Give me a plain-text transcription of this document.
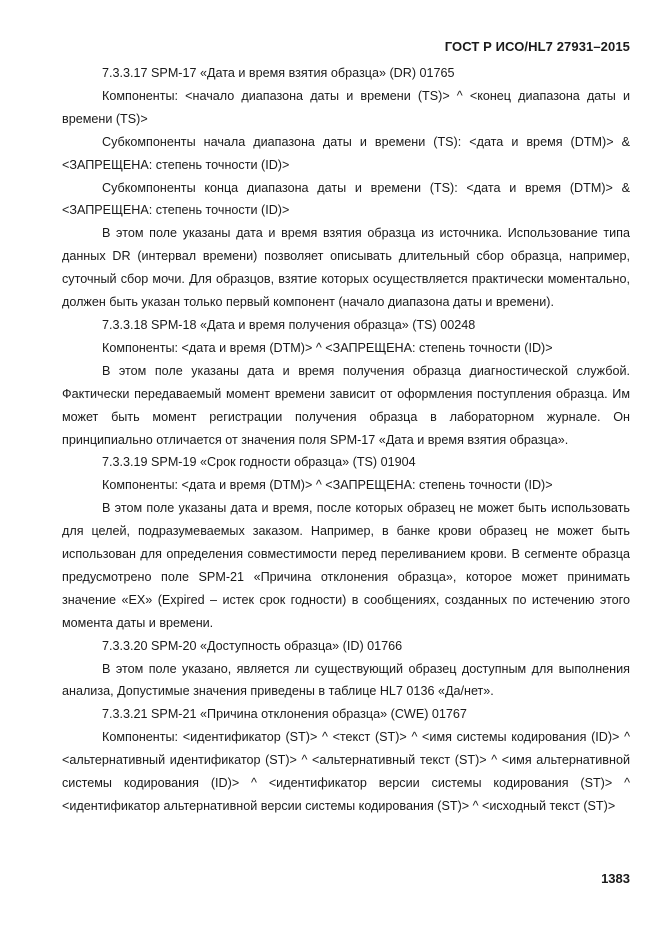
ГОСТ Р ИСО/HL7 27931–2015

7.3.3.17 SPM-17 «Дата и время взятия образца» (DR) 01765

Компоненты: <начало диапазона даты и времени (TS)> ^ <конец диапазона даты и времени (TS)>

Субкомпоненты начала диапазона даты и времени (TS): <дата и время (DTM)> & <ЗАПРЕЩЕНА: степень точности (ID)>

Субкомпоненты конца диапазона даты и времени (TS): <дата и время (DTM)> & <ЗАПРЕЩЕНА: степень точности (ID)>

В этом поле указаны дата и время взятия образца из источника. Использование типа данных DR (интервал времени) позволяет описывать длительный сбор образца, например, суточный сбор мочи. Для образцов, взятие которых осуществляется практически моментально, должен быть указан только первый компонент (начало диапазона даты и времени).

7.3.3.18 SPM-18 «Дата и время получения образца» (TS) 00248

Компоненты: <дата и время (DTM)> ^ <ЗАПРЕЩЕНА: степень точности (ID)>

В этом поле указаны дата и время получения образца диагностической службой. Фактически передаваемый момент времени зависит от оформления поступления образца. Им может быть момент регистрации получения образца в лабораторном журнале. Он принципиально отличается от значения поля SPM-17 «Дата и время взятия образца».

7.3.3.19 SPM-19 «Срок годности образца» (TS) 01904

Компоненты: <дата и время (DTM)> ^ <ЗАПРЕЩЕНА: степень точности (ID)>

В этом поле указаны дата и время, после которых образец не может быть использовать для целей, подразумеваемых заказом. Например, в банке крови образец не может быть использован для определения совместимости перед переливанием крови. В сегменте образца предусмотрено поле SPM-21 «Причина отклонения образца», которое может принимать значение «EX» (Expired – истек срок годности) в сообщениях, созданных по истечению этого момента даты и времени.

7.3.3.20 SPM-20 «Доступность образца» (ID) 01766

В этом поле указано, является ли существующий образец доступным для выполнения анализа, Допустимые значения приведены в таблице HL7 0136 «Да/нет».

7.3.3.21 SPM-21 «Причина отклонения образца» (CWE) 01767

Компоненты: <идентификатор (ST)> ^ <текст (ST)> ^ <имя системы кодирования (ID)> ^ <альтернативный идентификатор (ST)> ^ <альтернативный текст (ST)> ^ <имя альтернативной системы кодирования (ID)> ^ <идентификатор версии системы кодирования (ST)> ^ <идентификатор альтернативной версии системы кодирования (ST)> ^ <исходный текст (ST)>

1383
